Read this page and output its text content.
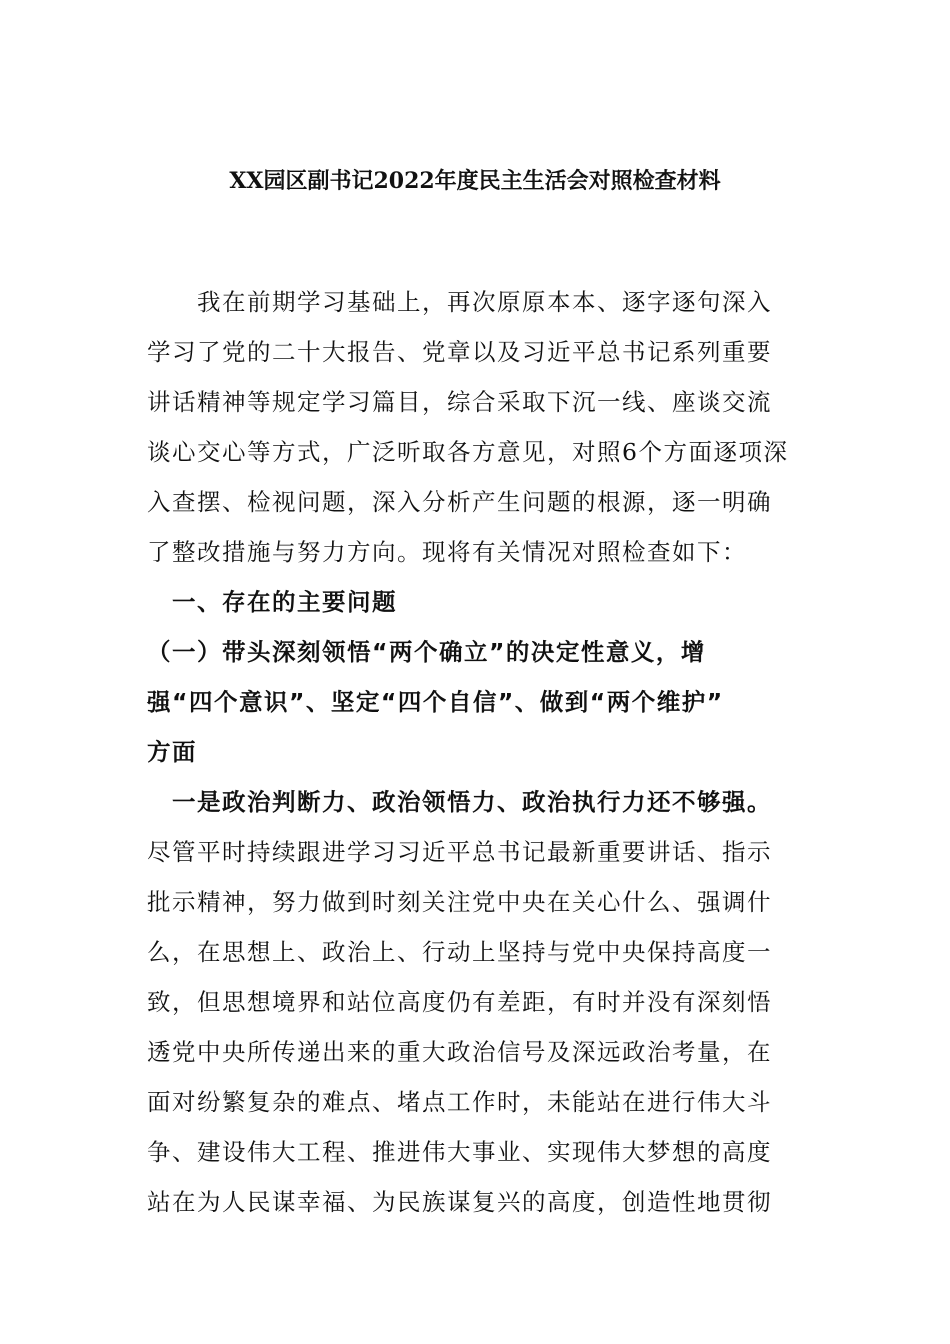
XX园区副书记2022年度民主生活会对照检查材料
　　我在前期学习基础上，再次原原本本、逐字逐句深入
学习了党的二十大报告、党章以及习近平总书记系列重要
讲话精神等规定学习篇目，综合采取下沉一线、座谈交流
谈心交心等方式，广泛听取各方意见，对照6个方面逐项深
入查摆、检视问题，深入分析产生问题的根源，逐一明确
了整改措施与努力方向。现将有关情况对照检查如下：
　一、存在的主要问题
（一）带头深刻领悟“两个确立”的决定性意义，增
强“四个意识”、坚定“四个自信”、做到“两个维护”
方面
　一是政治判断力、政治领悟力、政治执行力还不够强。
尽管平时持续跟进学习习近平总书记最新重要讲话、指示
批示精神，努力做到时刻关注党中央在关心什么、强调什
么，在思想上、政治上、行动上坚持与党中央保持高度一
致，但思想境界和站位高度仍有差距，有时并没有深刻悟
透党中央所传递出来的重大政治信号及深远政治考量，在
面对纷繁复杂的难点、堵点工作时，未能站在进行伟大斗
争、建设伟大工程、推进伟大事业、实现伟大梦想的高度
站在为人民谋幸福、为民族谋复兴的高度，创造性地贯彻
